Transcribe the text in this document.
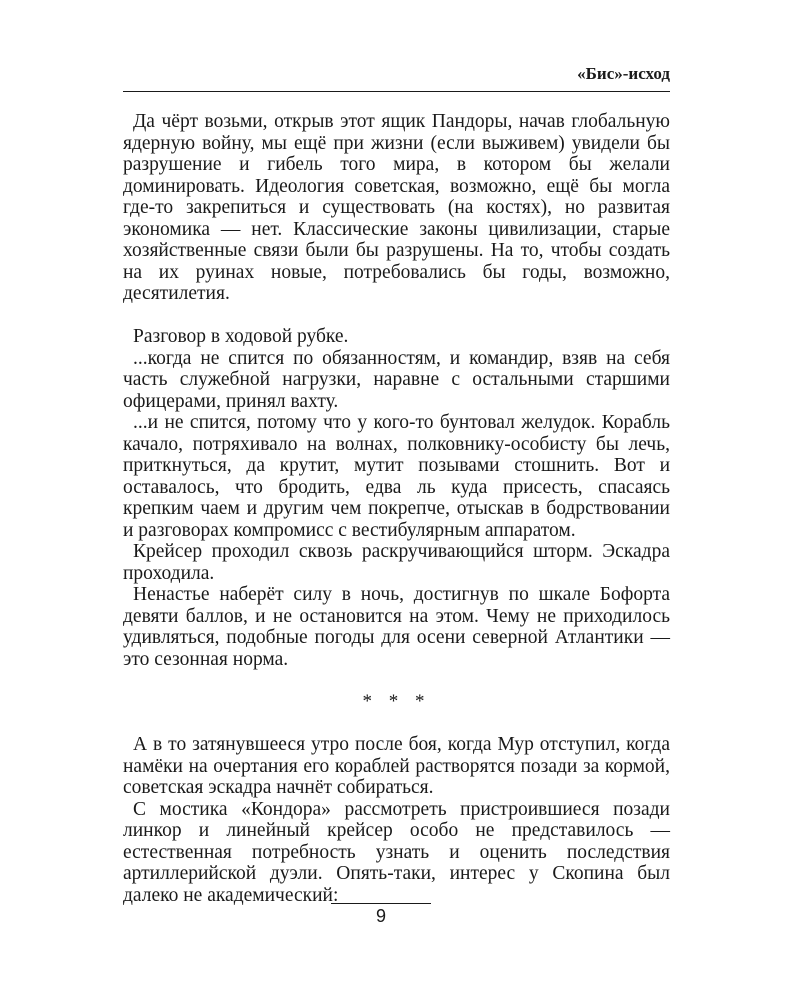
«Бис»-исход

Да чёрт возьми, открыв этот ящик Пандоры, начав глобальную ядерную войну, мы ещё при жизни (если выживем) увидели бы разрушение и гибель того мира, в котором бы желали доминировать. Идеология советская, возможно, ещё бы могла где-то закрепиться и существовать (на костях), но развитая экономика — нет. Классические законы цивилизации, старые хозяйственные связи были бы разрушены. На то, чтобы создать на их руинах новые, потребовались бы годы, возможно, десятилетия.

Разговор в ходовой рубке.

...когда не спится по обязанностям, и командир, взяв на себя часть служебной нагрузки, наравне с остальными старшими офицерами, принял вахту.

...и не спится, потому что у кого-то бунтовал желудок. Корабль качало, потряхивало на волнах, полковнику-особисту бы лечь, приткнуться, да крутит, мутит позывами стошнить. Вот и оставалось, что бродить, едва ль куда присесть, спасаясь крепким чаем и другим чем покрепче, отыскав в бодрствовании и разговорах компромисс с вестибулярным аппаратом.

Крейсер проходил сквозь раскручивающийся шторм. Эскадра проходила.

Ненастье наберёт силу в ночь, достигнув по шкале Бофорта девяти баллов, и не остановится на этом. Чему не приходилось удивляться, подобные погоды для осени северной Атлантики — это сезонная норма.

* * *

А в то затянувшееся утро после боя, когда Мур отступил, когда намёки на очертания его кораблей растворятся позади за кормой, советская эскадра начнёт собираться.

С мостика «Кондора» рассмотреть пристроившиеся позади линкор и линейный крейсер особо не представилось — естественная потребность узнать и оценить последствия артиллерийской дуэли. Опять-таки, интерес у Скопина был далеко не академический:

9
